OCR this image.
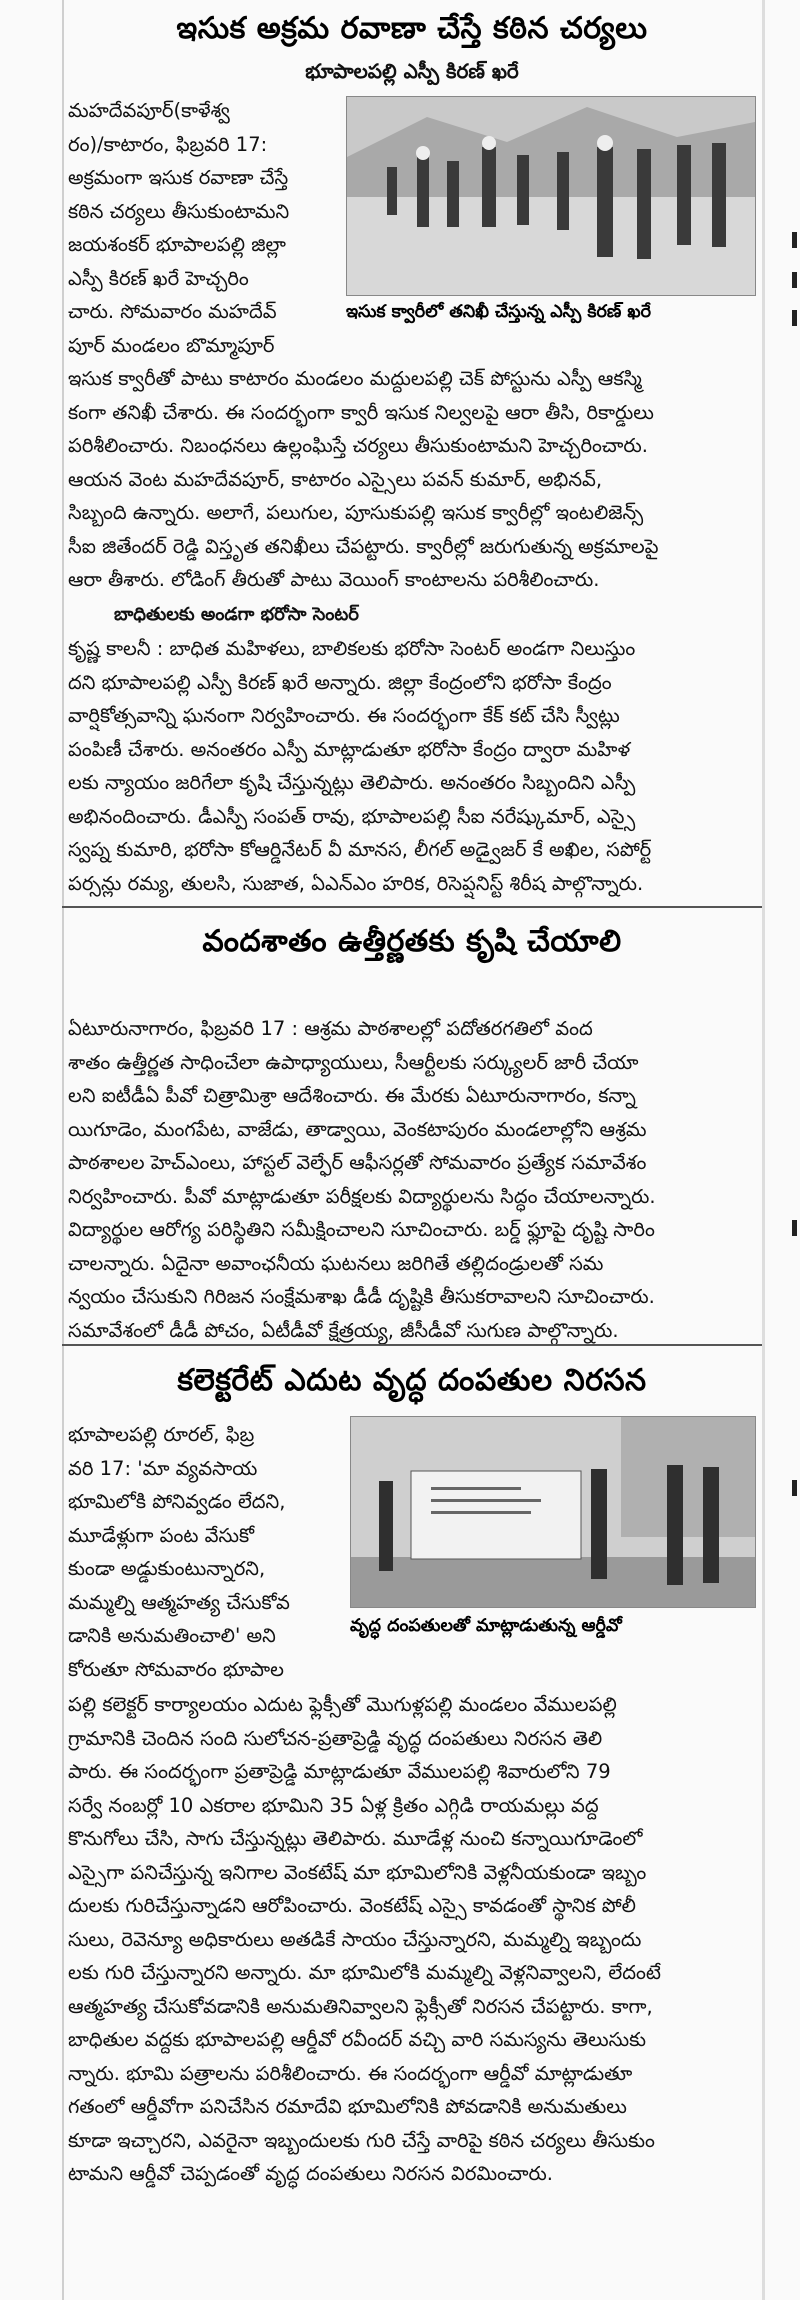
ఇసుక అక్రమ రవాణా చేస్తే కఠిన చర్యలు
భూపాలపల్లి ఎస్పీ కిరణ్ ఖరే
మహదేవపూర్(కాళేశ్వ
రం)/కాటారం, ఫిబ్రవరి 17:
అక్రమంగా ఇసుక రవాణా చేస్తే
కఠిన చర్యలు తీసుకుంటామని
జయశంకర్ భూపాలపల్లి జిల్లా
ఎస్పీ కిరణ్ ఖరే హెచ్చరిం
చారు. సోమవారం మహదేవ్
పూర్ మండలం బొమ్మాపూర్
ఇసుక క్వారీలో తనిఖీ చేస్తున్న ఎస్పీ కిరణ్ ఖరే
ఇసుక క్వారీతో పాటు కాటారం మండలం మద్దులపల్లి చెక్ పోస్టును ఎస్పీ ఆకస్మి
కంగా తనిఖీ చేశారు. ఈ సందర్భంగా క్వారీ ఇసుక నిల్వలపై ఆరా తీసి, రికార్డులు
పరిశీలించారు. నిబంధనలు ఉల్లంఘిస్తే చర్యలు తీసుకుంటామని హెచ్చరించారు.
ఆయన వెంట మహదేవపూర్, కాటారం ఎస్సైలు పవన్ కుమార్, అభినవ్,
సిబ్బంది ఉన్నారు. అలాగే, పలుగుల, పూసుకుపల్లి ఇసుక క్వారీల్లో ఇంటలిజెన్స్
సీఐ జితేందర్ రెడ్డి విస్తృత తనిఖీలు చేపట్టారు. క్వారీల్లో జరుగుతున్న అక్రమాలపై
ఆరా తీశారు. లోడింగ్ తీరుతో పాటు వెయింగ్ కాంటాలను పరిశీలించారు.
బాధితులకు అండగా భరోసా సెంటర్
కృష్ణ కాలనీ : బాధిత మహిళలు, బాలికలకు భరోసా సెంటర్ అండగా నిలుస్తుం
దని భూపాలపల్లి ఎస్పీ కిరణ్ ఖరే అన్నారు. జిల్లా కేంద్రంలోని భరోసా కేంద్రం
వార్షికోత్సవాన్ని ఘనంగా నిర్వహించారు. ఈ సందర్భంగా కేక్ కట్ చేసి స్వీట్లు
పంపిణీ చేశారు. అనంతరం ఎస్పీ మాట్లాడుతూ భరోసా కేంద్రం ద్వారా మహిళ
లకు న్యాయం జరిగేలా కృషి చేస్తున్నట్లు తెలిపారు. అనంతరం సిబ్బందిని ఎస్పీ
అభినందించారు. డీఎస్పీ సంపత్ రావు, భూపాలపల్లి సీఐ నరేష్కుమార్, ఎస్సై
స్వప్న కుమారి, భరోసా కోఆర్డినేటర్ వీ మానస, లీగల్ అడ్వైజర్ కే అఖిల, సపోర్ట్
పర్సన్లు రమ్య, తులసి, సుజాత, ఏఎన్ఎం హరిక, రిసెప్షనిస్ట్ శిరీష పాల్గొన్నారు.
వందశాతం ఉత్తీర్ణతకు కృషి చేయాలి
ఏటూరునాగారం, ఫిబ్రవరి 17 : ఆశ్రమ పాఠశాలల్లో పదోతరగతిలో వంద
శాతం ఉత్తీర్ణత సాధించేలా ఉపాధ్యాయులు, సీఆర్టీలకు సర్క్యులర్ జారీ చేయా
లని ఐటీడీఏ పీవో చిత్రామిశ్రా ఆదేశించారు. ఈ మేరకు ఏటూరునాగారం, కన్నా
యిగూడెం, మంగపేట, వాజేడు, తాడ్వాయి, వెంకటాపురం మండలాల్లోని ఆశ్రమ
పాఠశాలల హెచ్ఎంలు, హాస్టల్ వెల్ఫేర్ ఆఫీసర్లతో సోమవారం ప్రత్యేక సమావేశం
నిర్వహించారు. పీవో మాట్లాడుతూ పరీక్షలకు విద్యార్థులను సిద్ధం చేయాలన్నారు.
విద్యార్థుల ఆరోగ్య పరిస్థితిని సమీక్షించాలని సూచించారు. బర్డ్ ఫ్లూపై దృష్టి సారిం
చాలన్నారు. ఏదైనా అవాంఛనీయ ఘటనలు జరిగితే తల్లిదండ్రులతో సమ
న్వయం చేసుకుని గిరిజన సంక్షేమశాఖ డీడీ దృష్టికి తీసుకరావాలని సూచించారు.
సమావేశంలో డీడీ పోచం, ఏటీడీవో క్షేత్రయ్య, జీసీడీవో సుగుణ పాల్గొన్నారు.
కలెక్టరేట్ ఎదుట వృద్ధ దంపతుల నిరసన
భూపాలపల్లి రూరల్, ఫిబ్ర
వరి 17: 'మా వ్యవసాయ
భూమిలోకి పోనివ్వడం లేదని,
మూడేళ్లుగా పంట వేసుకో
కుండా అడ్డుకుంటున్నారని,
మమ్మల్ని ఆత్మహత్య చేసుకోవ
డానికి అనుమతించాలి' అని
కోరుతూ సోమవారం భూపాల
వృద్ధ దంపతులతో మాట్లాడుతున్న ఆర్డీవో
పల్లి కలెక్టర్ కార్యాలయం ఎదుట ఫ్లెక్సీతో మొగుళ్లపల్లి మండలం వేములపల్లి
గ్రామానికి చెందిన సంది సులోచన-ప్రతాప్రెడ్డి వృద్ధ దంపతులు నిరసన తెలి
పారు. ఈ సందర్భంగా ప్రతాప్రెడ్డి మాట్లాడుతూ వేములపల్లి శివారులోని 79
సర్వే నంబర్లో 10 ఎకరాల భూమిని 35 ఏళ్ల క్రితం ఎగ్గిడి రాయమల్లు వద్ద
కొనుగోలు చేసి, సాగు చేస్తున్నట్లు తెలిపారు. మూడేళ్ల నుంచి కన్నాయిగూడెంలో
ఎస్సైగా పనిచేస్తున్న ఇనిగాల వెంకటేష్ మా భూమిలోనికి వెళ్లనీయకుండా ఇబ్బం
దులకు గురిచేస్తున్నాడని ఆరోపించారు. వెంకటేష్ ఎస్సై కావడంతో స్థానిక పోలీ
సులు, రెవెన్యూ అధికారులు అతడికే సాయం చేస్తున్నారని, మమ్మల్ని ఇబ్బందు
లకు గురి చేస్తున్నారని అన్నారు. మా భూమిలోకి మమ్మల్ని వెళ్లనివ్వాలని, లేదంటే
ఆత్మహత్య చేసుకోవడానికి అనుమతినివ్వాలని ఫ్లెక్సీతో నిరసన చేపట్టారు. కాగా,
బాధితుల వద్దకు భూపాలపల్లి ఆర్డీవో రవీందర్ వచ్చి వారి సమస్యను తెలుసుకు
న్నారు. భూమి పత్రాలను పరిశీలించారు. ఈ సందర్భంగా ఆర్డీవో మాట్లాడుతూ
గతంలో ఆర్డీవోగా పనిచేసిన రమాదేవి భూమిలోనికి పోవడానికి అనుమతులు
కూడా ఇచ్చారని, ఎవరైనా ఇబ్బందులకు గురి చేస్తే వారిపై కఠిన చర్యలు తీసుకుం
టామని ఆర్డీవో చెప్పడంతో వృద్ధ దంపతులు నిరసన విరమించారు.
